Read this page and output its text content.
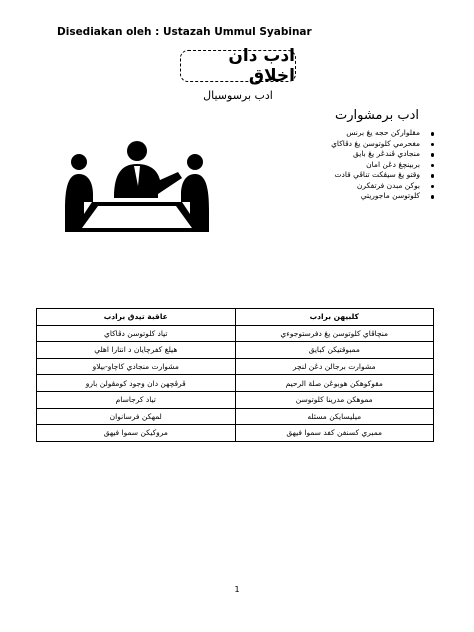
Disediakan oleh : Ustazah Ummul Syabinar
ادب دان اخلاق
ادب برسوسيال
ادب برمشوارت
مقلوارکن حجه يڠ برنس
مغحرمي کلوتوسن يڠ دڤاکاي
منجادي ڤندڠر يڠ بايق
بربينچڠ دڠن امان
وقتو يڠ سيڤکت تناڤي قادت
بوکن مبدن فرتفکرن
کلوتوسن ماجوريتي
کلبيهن برادب	عاقبة تيدق برادب
منچاڤاي کلوتوسن يڠ دفرستوجوءي	تياد کلوتوسن دڤاکاي
ممبوقتيکن کبايق	هيلغ کفرچايان د انتارا اهلي
مشوارت برجالن دڠن لنچر	مشوارت منجادي کاچاو-بيلاو
مقوکوهکن هوبوڠن صلة الرحيم	ڤرڤچهن دان وجود کومڤولن بارو
مموهکن مدرينا کلوتوسن	تياد کرجاسام
ميليسايکن مسئله	لمهکن فرسانوان
ممبري کسنفن کفد سموا فيهق	مروکيکن سموا فيهق
1
